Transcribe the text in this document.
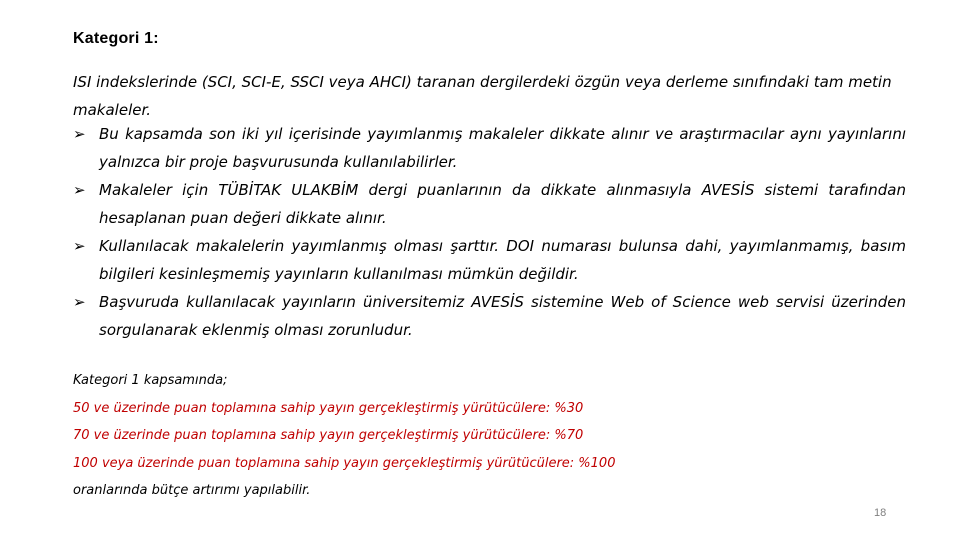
Kategori 1:
ISI indekslerinde (SCI, SCI-E, SSCI veya AHCI) taranan dergilerdeki özgün veya derleme sınıfındaki tam metin makaleler.
➢ Bu kapsamda son iki yıl içerisinde yayımlanmış makaleler dikkate alınır ve araştırmacılar aynı yayınlarını yalnızca bir proje başvurusunda kullanılabilirler.
➢ Makaleler için TÜBİTAK ULAKBİM dergi puanlarının da dikkate alınmasıyla AVESİS sistemi tarafından hesaplanan puan değeri dikkate alınır.
➢ Kullanılacak makalelerin yayımlanmış olması şarttır. DOI numarası bulunsa dahi, yayımlanmamış, basım bilgileri kesinleşmemiş yayınların kullanılması mümkün değildir.
➢ Başvuruda kullanılacak yayınların üniversitemiz AVESİS sistemine Web of Science web servisi üzerinden sorgulanarak eklenmiş olması zorunludur.
Kategori 1 kapsamında;
50 ve üzerinde puan toplamına sahip yayın gerçekleştirmiş yürütücülere: %30
70 ve üzerinde puan toplamına sahip yayın gerçekleştirmiş yürütücülere: %70
100 veya üzerinde puan toplamına sahip yayın gerçekleştirmiş yürütücülere: %100
oranlarında bütçe artırımı yapılabilir.
18
